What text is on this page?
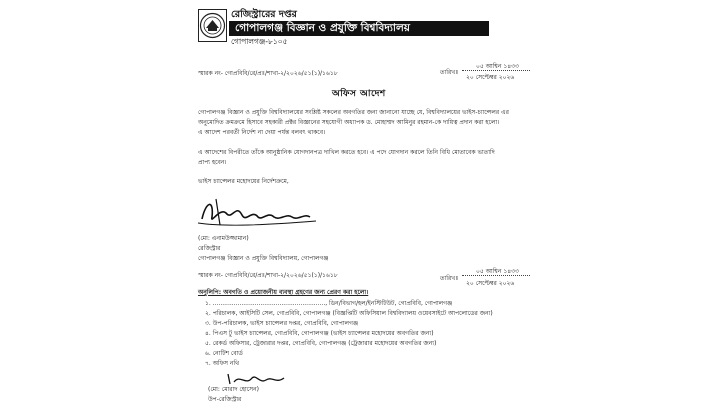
রেজিস্ট্রারের দপ্তর
গোপালগঞ্জ বিজ্ঞান ও প্রযুক্তি বিশ্ববিদ্যালয়
গোপালগঞ্জ-৮১০৫
স্মারক নং- গোপ্রবিবি/রে/প্রঃ/শাখা-২/২০২৬/৫১(১)/১৬১৮	তারিখঃ
০৫ আশ্বিন ১৪৩৩
২০ সেপ্টেম্বর ২০২৬
অফিস আদেশ
গোপালগঞ্জ বিজ্ঞান ও প্রযুক্তি বিশ্ববিদ্যালয়ের সংশ্লিষ্ট সকলের অবগতির জন্য জানানো যাচ্ছে যে, বিশ্ববিদ্যালয়ের ভাইস-চ্যান্সেলর এর
অনুমোদিত ক্রমক্রমে হিসাবে সহকারী প্রক্টর বিজ্ঞানের সহযোগী অধ্যাপক ড. মোহাম্মদ আমিনুর রহমান-কে দায়িত্ব প্রদান করা হলো।
এ আদেশ পরবর্তী নির্দেশ না দেয়া পর্যন্ত বলবৎ থাকবে।
এ আদেশের বিপরীতে তাঁকে আনুষ্ঠানিক যোগদানপত্র দাখিল করতে হবে। এ পদে যোগদান করলে তিনি বিধি মোতাবেক ভাতাদি
প্রাপ্য হবেন।
ভাইস চ্যান্সেলর মহোদয়ের নির্দেশক্রমে,
(মো: এনামউজ্জামান)
রেজিস্ট্রার
গোপালগঞ্জ বিজ্ঞান ও প্রযুক্তি বিশ্ববিদ্যালয়, গোপালগঞ্জ
স্মারক নং- গোপ্রবিবি/রে/প্রঃ/শাখা-২/২০২৬/৫১(১)/১৬১৮	তারিখঃ
০৫ আশ্বিন ১৪৩৩
২০ সেপ্টেম্বর ২০২৬
অনুলিপি: অবগতি ও প্রয়োজনীয় ব্যবস্থা গ্রহণের জন্য প্রেরণ করা হলো।
১. ..........................................................., ডিন/বিভাগ/হল/ইনস্টিটিউট, গোপ্রবিবি, গোপালগঞ্জ
২. পরিচালক, আইসিটি সেল, গোপ্রবিবি, গোপালগঞ্জ (বিজ্ঞপ্তিটি অফিসিয়াল বিশ্ববিদ্যালয় ওয়েবসাইটে আপলোডের জন্য)
৩. উপ-পরিচালক, ভাইস চ্যান্সেলর দপ্তর, গোপ্রবিবি, গোপালগঞ্জ
৪. পিএস টু ভাইস চ্যান্সেলর, গোপ্রবিবি, গোপালগঞ্জ (ভাইস চ্যান্সেলর মহোদয়ের অবগতির জন্য)
৫. রেকর্ড অফিসার, ট্রেজারার দপ্তর, গোপ্রবিবি, গোপালগঞ্জ (ট্রেজারার মহোদয়ের অবগতির জন্য)
৬. নোটিশ বোর্ড
৭. অফিস নথি
(মো: মোরাদ হোসেন)
উপ-রেজিস্ট্রার
